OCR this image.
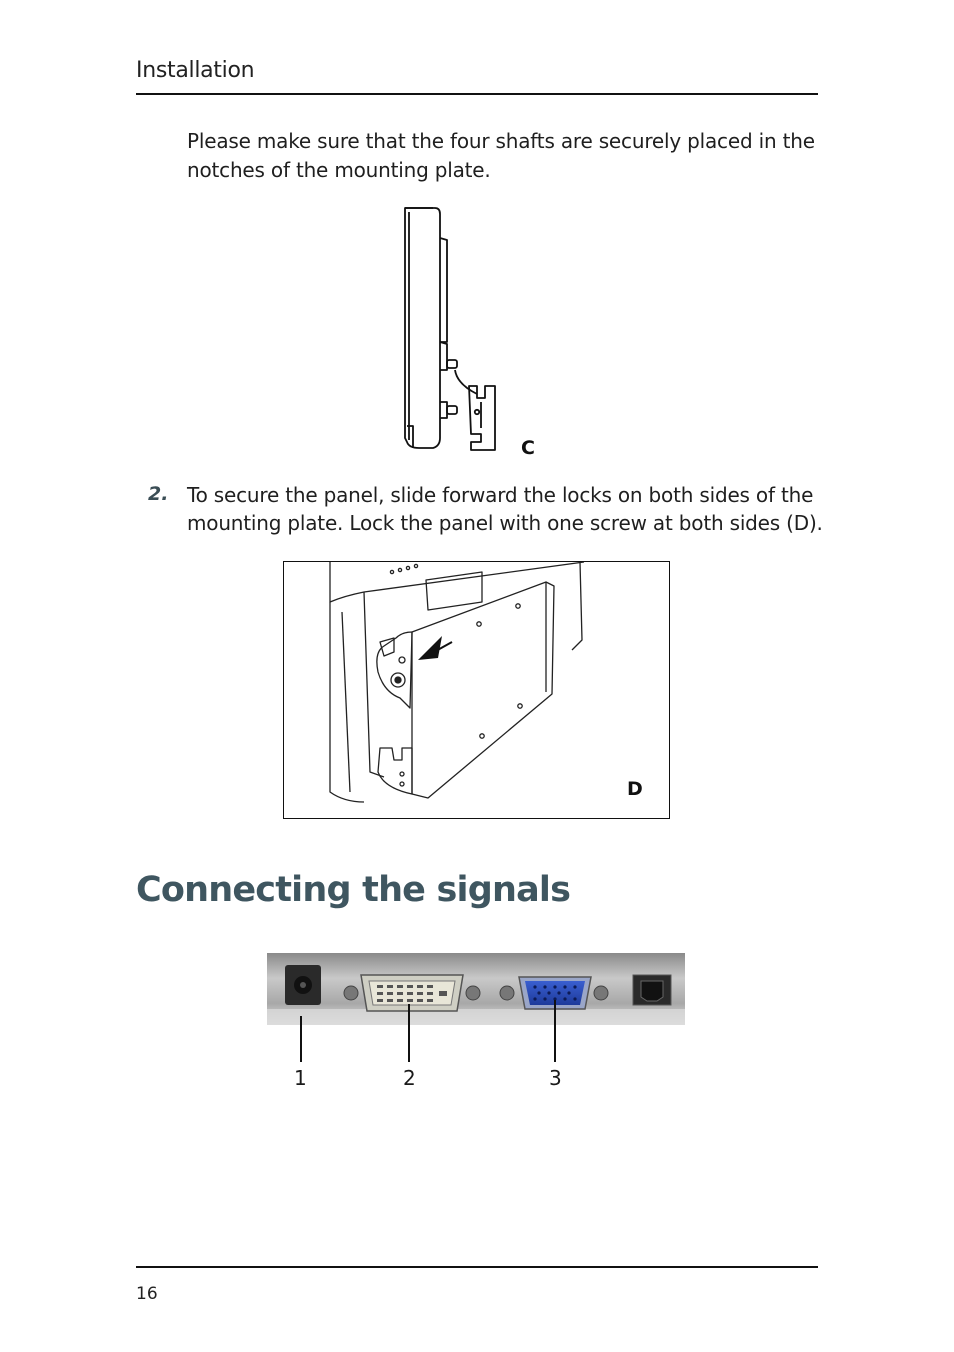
Installation
Please make sure that the four shafts are securely placed in the
notches of the mounting plate.
C
2. To secure the panel, slide forward the locks on both sides of the
mounting plate. Lock the panel with one screw at both sides (D).
D
Connecting the signals
1	2	3
16
